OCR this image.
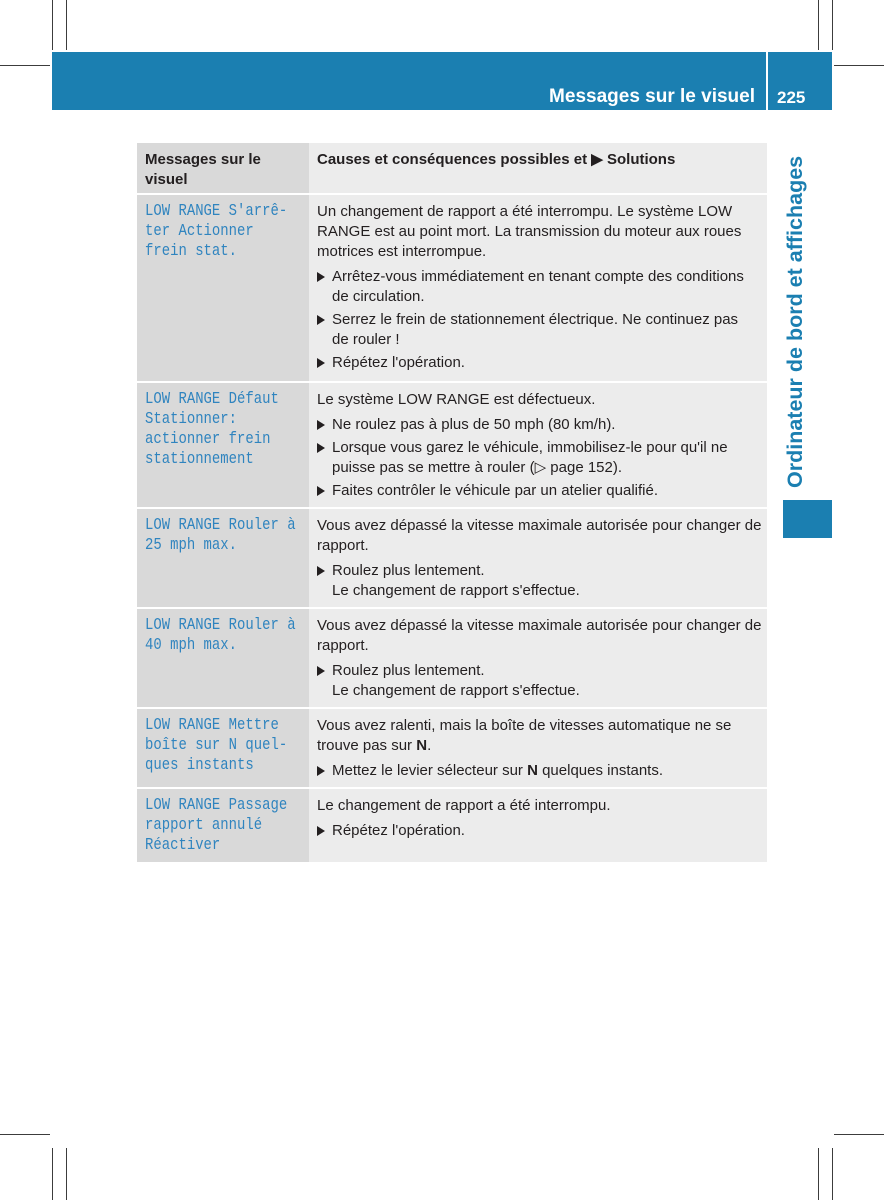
Messages sur le visuel 225
Ordinateur de bord et affichages
Messages sur le
visuel
Causes et conséquences possibles et ▶ Solutions
LOW RANGE S'arrê-
ter Actionner
frein stat.
Un changement de rapport a été interrompu. Le système LOW
RANGE est au point mort. La transmission du moteur aux roues
motrices est interrompue.
Arrêtez-vous immédiatement en tenant compte des conditions
de circulation.
Serrez le frein de stationnement électrique. Ne continuez pas
de rouler !
Répétez l'opération.
LOW RANGE Défaut
Stationner:
actionner frein
stationnement
Le système LOW RANGE est défectueux.
Ne roulez pas à plus de 50 mph (80 km/h).
Lorsque vous garez le véhicule, immobilisez-le pour qu'il ne
puisse pas se mettre à rouler (▷ page 152).
Faites contrôler le véhicule par un atelier qualifié.
LOW RANGE Rouler à
25 mph max.
Vous avez dépassé la vitesse maximale autorisée pour changer de
rapport.
Roulez plus lentement.
Le changement de rapport s'effectue.
LOW RANGE Rouler à
40 mph max.
Vous avez dépassé la vitesse maximale autorisée pour changer de
rapport.
Roulez plus lentement.
Le changement de rapport s'effectue.
LOW RANGE Mettre
boîte sur N quel-
ques instants
Vous avez ralenti, mais la boîte de vitesses automatique ne se
trouve pas sur N.
Mettez le levier sélecteur sur N quelques instants.
LOW RANGE Passage
rapport annulé
Réactiver
Le changement de rapport a été interrompu.
Répétez l'opération.
